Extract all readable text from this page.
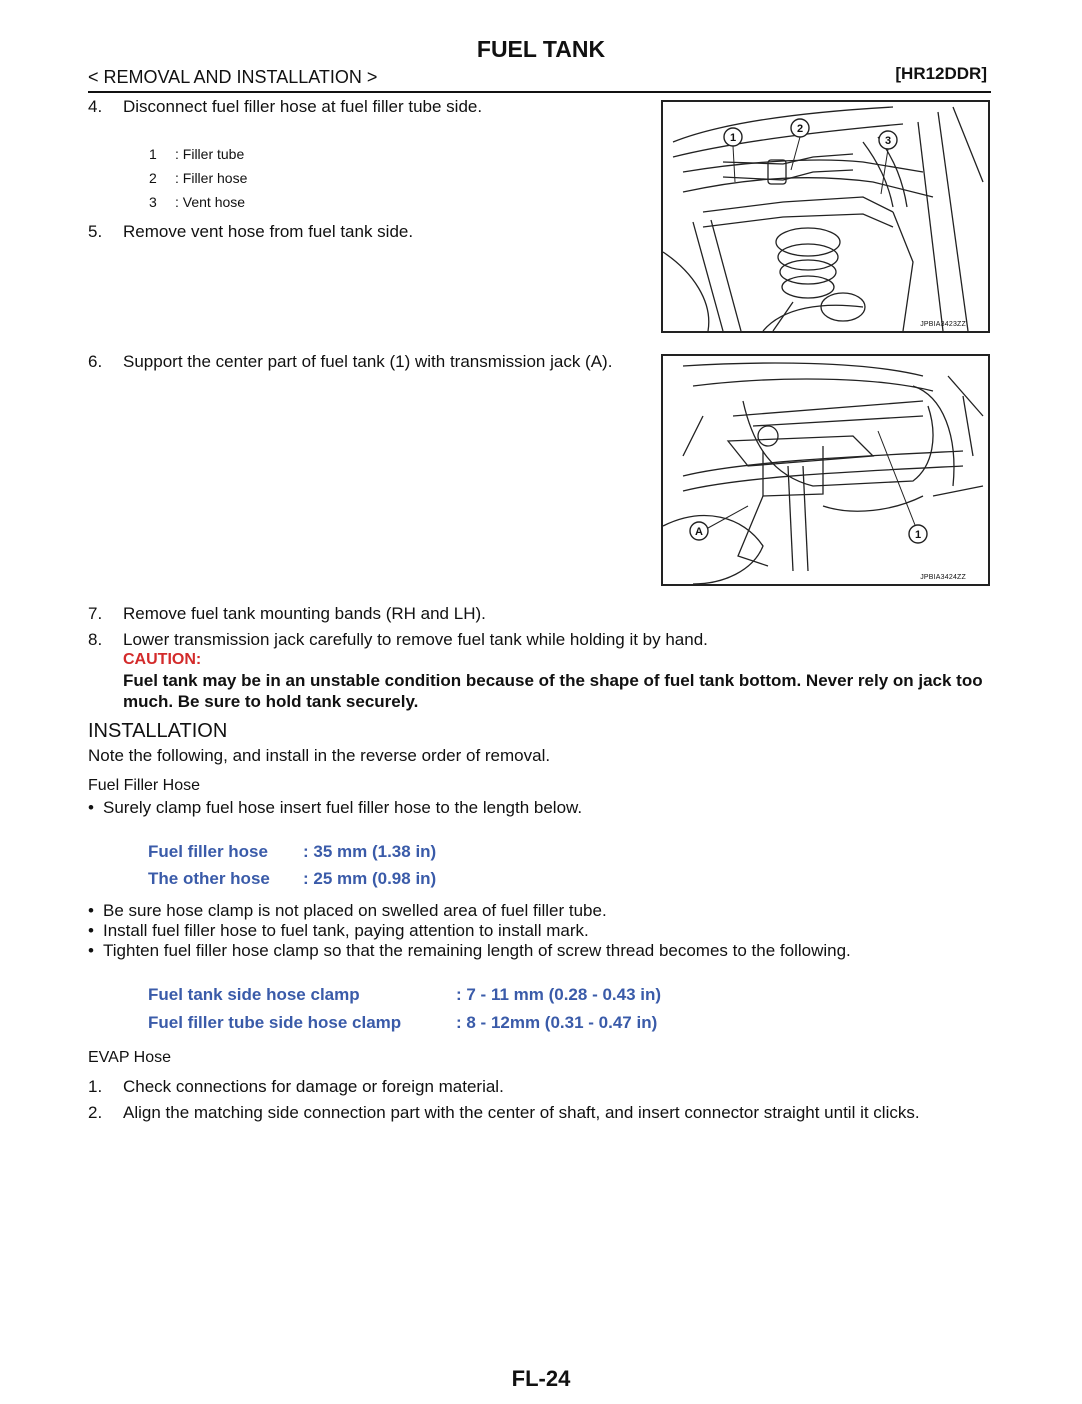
FUEL TANK
< REMOVAL AND INSTALLATION >	[HR12DDR]
4.	Disconnect fuel filler hose at fuel filler tube side.
1 : Filler tube
2 : Filler hose
3 : Vent hose
5.	Remove vent hose from fuel tank side.
1
2
3
JPBIA3423ZZ
6.	Support the center part of fuel tank (1) with transmission jack (A).
A	1
JPBIA3424ZZ
7.	Remove fuel tank mounting bands (RH and LH).
8.	Lower transmission jack carefully to remove fuel tank while holding it by hand.
CAUTION:
Fuel tank may be in an unstable condition because of the shape of fuel tank bottom. Never rely on jack too much. Be sure to hold tank securely.
INSTALLATION
Note the following, and install in the reverse order of removal.
Fuel Filler Hose
• Surely clamp fuel hose insert fuel filler hose to the length below.
Fuel filler hose : 35 mm (1.38 in)
The other hose : 25 mm (0.98 in)
• Be sure hose clamp is not placed on swelled area of fuel filler tube.
• Install fuel filler hose to fuel tank, paying attention to install mark.
• Tighten fuel filler hose clamp so that the remaining length of screw thread becomes to the following.
Fuel tank side hose clamp	: 7 - 11 mm (0.28 - 0.43 in)
Fuel filler tube side hose clamp	: 8 - 12mm (0.31 - 0.47 in)
EVAP Hose
1.	Check connections for damage or foreign material.
2.	Align the matching side connection part with the center of shaft, and insert connector straight until it clicks.
FL-24
